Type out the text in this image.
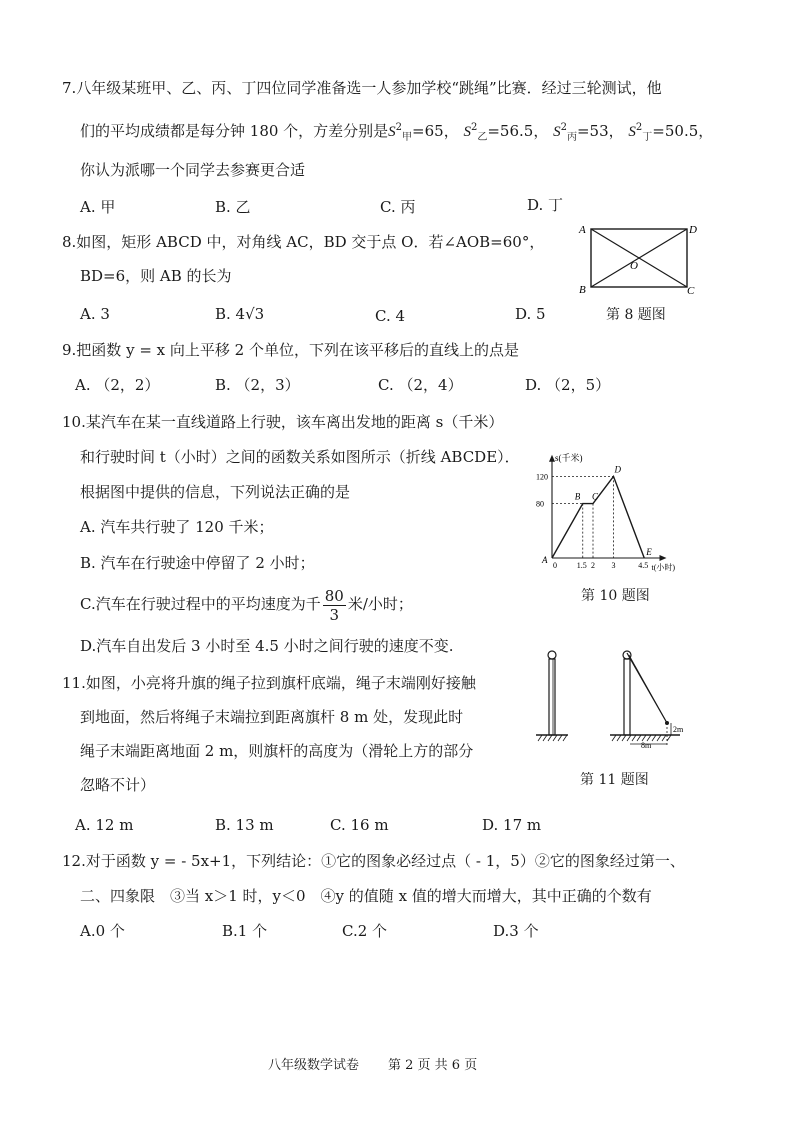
7.八年级某班甲、乙、丙、丁四位同学准备选一人参加学校“跳绳”比赛．经过三轮测试，他
们的平均成绩都是每分钟 180 个，方差分别是$S^2_甲=65$， $S^2_乙=56.5$， $S^2_丙=53$， $S^2_丁=50.5$，
你认为派哪一个同学去参赛更合适
A. 甲	B. 乙	C. 丙	D. 丁
8.如图，矩形 ABCD 中，对角线 AC，BD 交于点 O．若∠AOB=60°，
BD=6，则 AB 的长为
A. 3	B. 4√3	C. 4	D. 5
A	D
B	C
O
第 8 题图
9.把函数 y = x 向上平移 2 个单位，下列在该平移后的直线上的点是
A. （2，2）	B. （2，3）	C. （2，4）	D. （2，5）
10.某汽车在某一直线道路上行驶，该车离出发地的距离 s（千米）
和行驶时间 t（小时）之间的函数关系如图所示（折线 ABCDE）．
根据图中提供的信息，下列说法正确的是
A. 汽车共行驶了 120 千米；
B. 汽车在行驶途中停留了 2 小时；
C.汽车在行驶过程中的平均速度为千 $\frac{80}{3}$ 米/小时；
D.汽车自出发后 3 小时至 4.5 小时之间行驶的速度不变.
s(千米)
t(小时)
80
120
0 1.5 2 3	4.5
A
B C
D
E
第 10 题图
11.如图，小亮将升旗的绳子拉到旗杆底端，绳子末端刚好接触
到地面，然后将绳子末端拉到距离旗杆 8 m 处，发现此时
绳子末端距离地面 2 m，则旗杆的高度为（滑轮上方的部分
忽略不计）
A. 12 m	B. 13 m	C. 16 m	D. 17 m
8m
2m
第 11 题图
12.对于函数 y = - 5x+1，下列结论：①它的图象必经过点（ - 1，5）②它的图象经过第一、
二、四象限　③当 x＞1 时，y＜0　④y 的值随 x 值的增大而增大，其中正确的个数有
A.0 个	B.1 个	C.2 个	D.3 个
八年级数学试卷 第 2 页 共 6 页
